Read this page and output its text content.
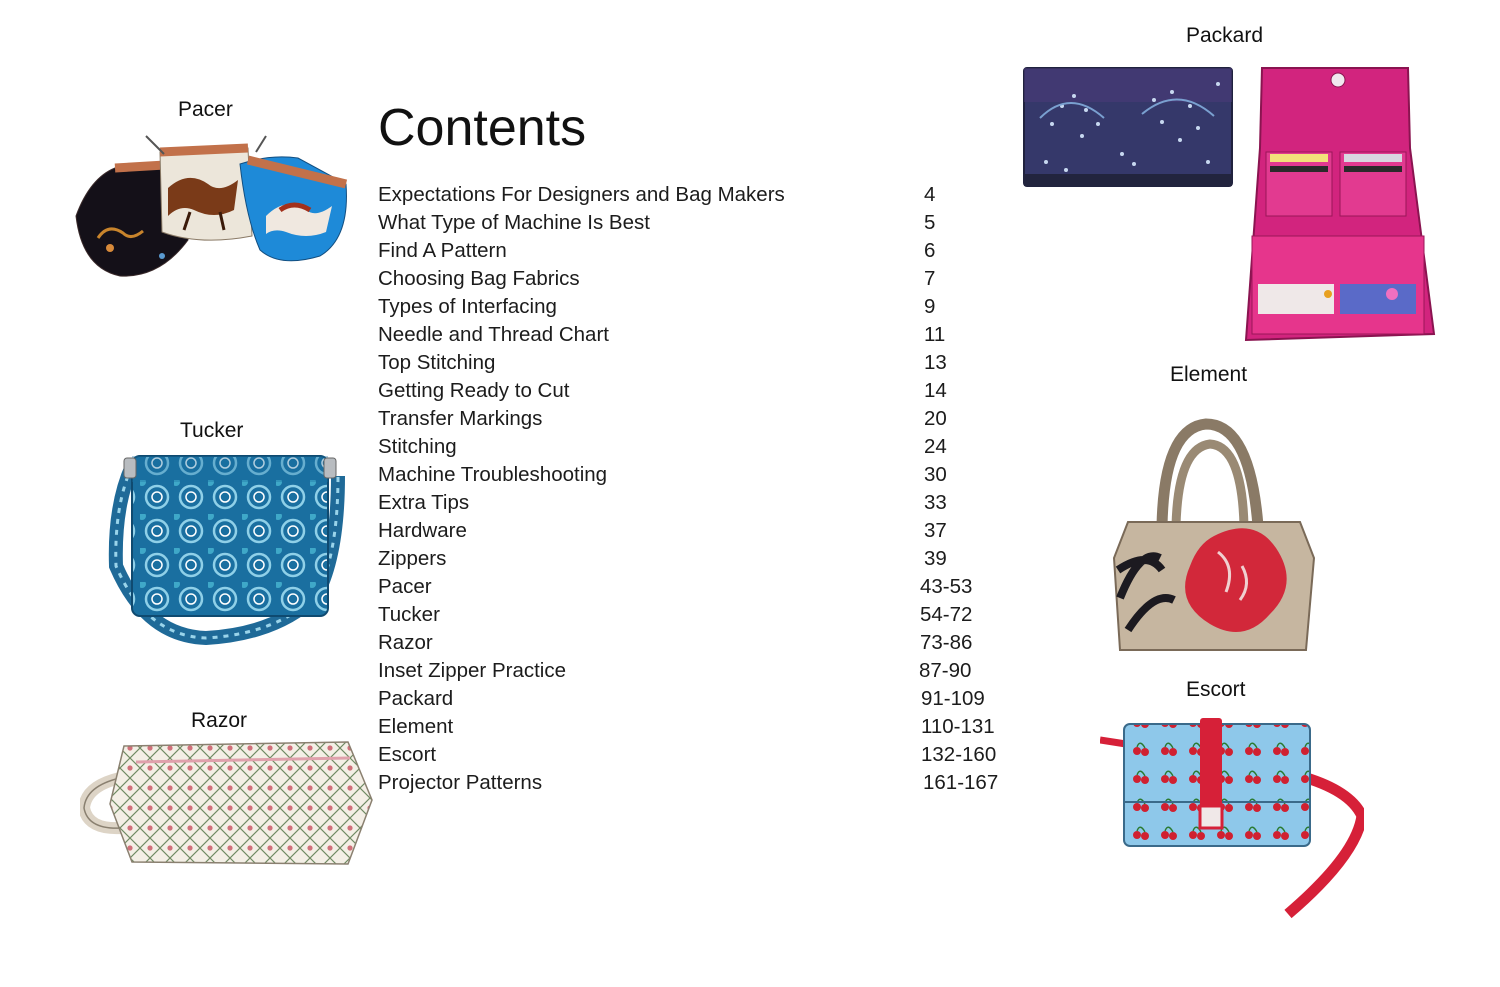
Pacer
Tucker
Razor
Packard
Element
Escort
Contents
Expectations For Designers and Bag Makers	4
What Type of Machine Is Best	5
Find A Pattern	6
Choosing Bag Fabrics	7
Types of Interfacing	9
Needle and Thread Chart	11
Top Stitching	13
Getting Ready to Cut	14
Transfer Markings	20
Stitching	24
Machine Troubleshooting	30
Extra Tips	33
Hardware	37
Zippers	39
Pacer	43-53
Tucker	54-72
Razor	73-86
Inset Zipper Practice	87-90
Packard	91-109
Element	110-131
Escort	132-160
Projector Patterns	161-167
